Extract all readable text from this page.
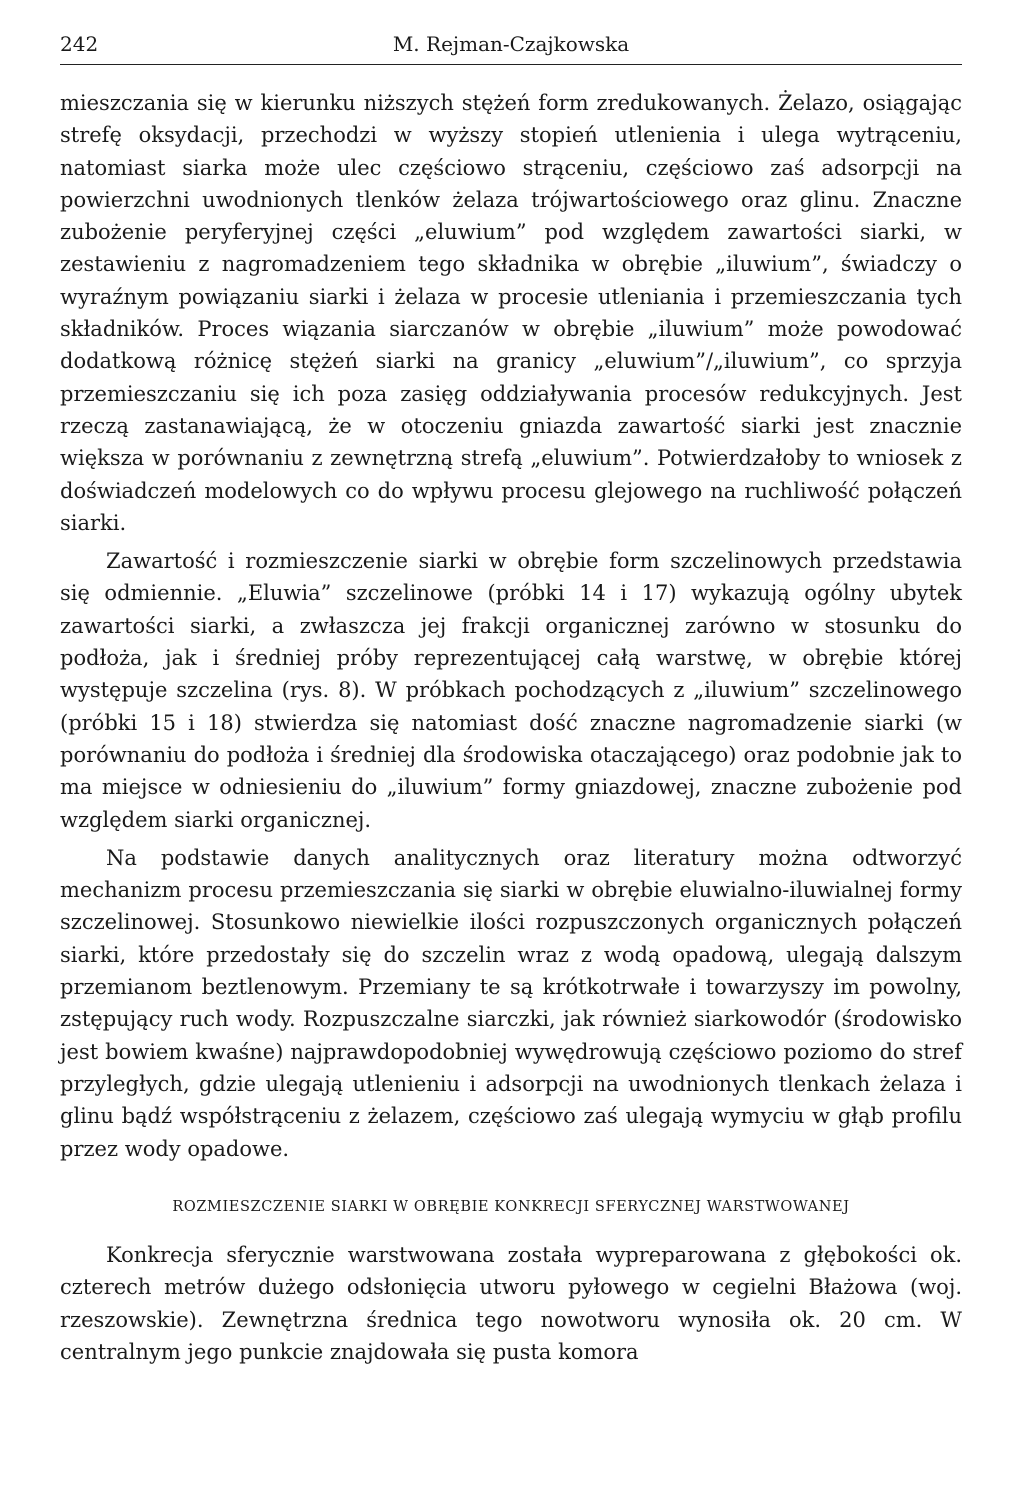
242	M. Rejman-Czajkowska

mieszczania się w kierunku niższych stężeń form zredukowanych. Żelazo, osiągając strefę oksydacji, przechodzi w wyższy stopień utlenienia i ulega wytrąceniu, natomiast siarka może ulec częściowo strąceniu, częściowo zaś adsorpcji na powierzchni uwodnionych tlenków żelaza trójwartościowego oraz glinu. Znaczne zubożenie peryferyjnej części „eluwium” pod względem zawartości siarki, w zestawieniu z nagromadzeniem tego składnika w obrębie „iluwium”, świadczy o wyraźnym powiązaniu siarki i żelaza w procesie utleniania i przemieszczania tych składników. Proces wiązania siarczanów w obrębie „iluwium” może powodować dodatkową różnicę stężeń siarki na granicy „eluwium”/„iluwium”, co sprzyja przemieszczaniu się ich poza zasięg oddziaływania procesów redukcyjnych. Jest rzeczą zastanawiającą, że w otoczeniu gniazda zawartość siarki jest znacznie większa w porównaniu z zewnętrzną strefą „eluwium”. Potwierdzałoby to wniosek z doświadczeń modelowych co do wpływu procesu glejowego na ruchliwość połączeń siarki.

Zawartość i rozmieszczenie siarki w obrębie form szczelinowych przedstawia się odmiennie. „Eluwia” szczelinowe (próbki 14 i 17) wykazują ogólny ubytek zawartości siarki, a zwłaszcza jej frakcji organicznej zarówno w stosunku do podłoża, jak i średniej próby reprezentującej całą warstwę, w obrębie której występuje szczelina (rys. 8). W próbkach pochodzących z „iluwium” szczelinowego (próbki 15 i 18) stwierdza się natomiast dość znaczne nagromadzenie siarki (w porównaniu do podłoża i średniej dla środowiska otaczającego) oraz podobnie jak to ma miejsce w odniesieniu do „iluwium” formy gniazdowej, znaczne zubożenie pod względem siarki organicznej.

Na podstawie danych analitycznych oraz literatury można odtworzyć mechanizm procesu przemieszczania się siarki w obrębie eluwialno-iluwialnej formy szczelinowej. Stosunkowo niewielkie ilości rozpuszczonych organicznych połączeń siarki, które przedostały się do szczelin wraz z wodą opadową, ulegają dalszym przemianom beztlenowym. Przemiany te są krótkotrwałe i towarzyszy im powolny, zstępujący ruch wody. Rozpuszczalne siarczki, jak również siarkowodór (środowisko jest bowiem kwaśne) najprawdopodobniej wywędrowują częściowo poziomo do stref przyległych, gdzie ulegają utlenieniu i adsorpcji na uwodnionych tlenkach żelaza i glinu bądź współstrąceniu z żelazem, częściowo zaś ulegają wymyciu w głąb profilu przez wody opadowe.

ROZMIESZCZENIE SIARKI W OBRĘBIE KONKRECJI SFERYCZNEJ WARSTWOWANEJ

Konkrecja sferycznie warstwowana została wypreparowana z głębokości ok. czterech metrów dużego odsłonięcia utworu pyłowego w cegielni Błażowa (woj. rzeszowskie). Zewnętrzna średnica tego nowotworu wynosiła ok. 20 cm. W centralnym jego punkcie znajdowała się pusta komora
